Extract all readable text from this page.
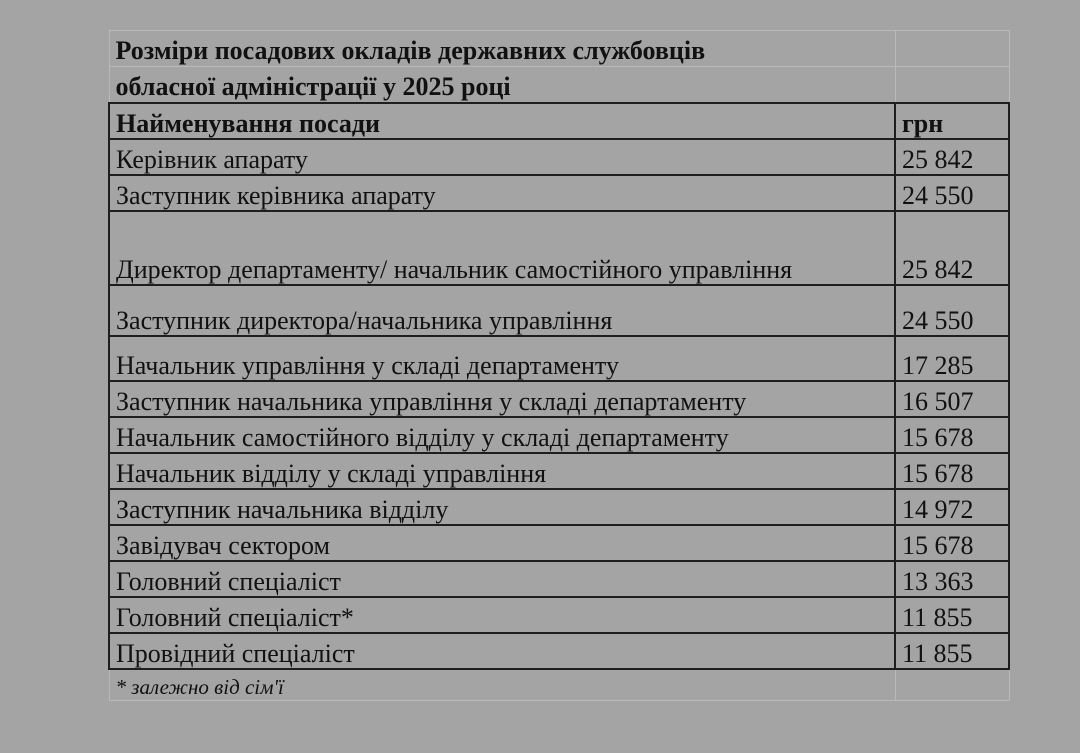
Розміри посадових окладів державних службовців	
обласної адміністрації у 2025 році	
Найменування посади	грн
Керівник апарату	25 842
Заступник керівника апарату	24 550
Директор департаменту/ начальник самостійного управління	25 842
Заступник директора/начальника управління	24 550
Начальник управління у складі департаменту	17 285
Заступник начальника управління у складі департаменту	16 507
Начальник самостійного відділу у складі департаменту	15 678
Начальник відділу у складі управління	15 678
Заступник начальника відділу	14 972
Завідувач сектором	15 678
Головний спеціаліст	13 363
Головний спеціаліст*	11 855
Провідний спеціаліст	11 855
* залежно від сім'ї	
